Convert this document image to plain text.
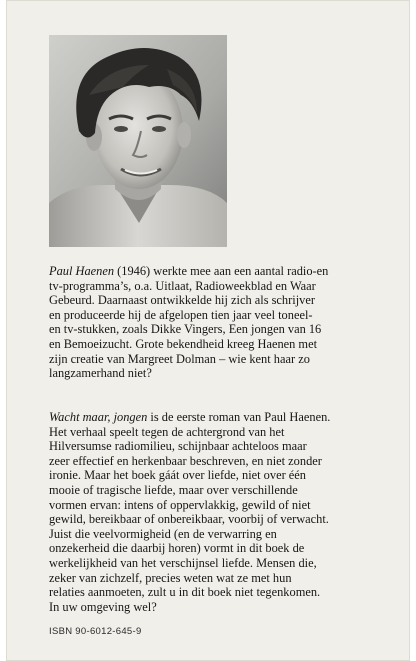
Paul Haenen (1946) werkte mee aan een aantal radio-en
tv-programma’s, o.a. Uitlaat, Radioweekblad en Waar
Gebeurd. Daarnaast ontwikkelde hij zich als schrijver
en produceerde hij de afgelopen tien jaar veel toneel-
en tv-stukken, zoals Dikke Vingers, Een jongen van 16
en Bemoeizucht. Grote bekendheid kreeg Haenen met
zijn creatie van Margreet Dolman – wie kent haar zo
langzamerhand niet?

Wacht maar, jongen is de eerste roman van Paul Haenen.
Het verhaal speelt tegen de achtergrond van het
Hilversumse radiomilieu, schijnbaar achteloos maar
zeer effectief en herkenbaar beschreven, en niet zonder
ironie. Maar het boek gáát over liefde, niet over één
mooie of tragische liefde, maar over verschillende
vormen ervan: intens of oppervlakkig, gewild of niet
gewild, bereikbaar of onbereikbaar, voorbij of verwacht.
Juist die veelvormigheid (en de verwarring en
onzekerheid die daarbij horen) vormt in dit boek de
werkelijkheid van het verschijnsel liefde. Mensen die,
zeker van zichzelf, precies weten wat ze met hun
relaties aanmoeten, zult u in dit boek niet tegenkomen.
In uw omgeving wel?

ISBN 90-6012-645-9
